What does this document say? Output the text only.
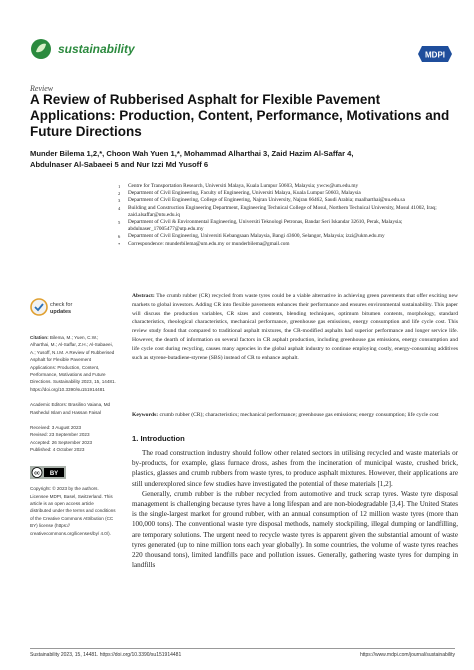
sustainability	MDPI
Review
A Review of Rubberised Asphalt for Flexible Pavement Applications: Production, Content, Performance, Motivations and Future Directions
Munder Bilema 1,2,*, Choon Wah Yuen 1,*, Mohammad Alharthai 3, Zaid Hazim Al-Saffar 4,
Abdulnaser Al-Sabaeei 5 and Nur Izzi Md Yusoff 6
1 Centre for Transportation Research, Universiti Malaya, Kuala Lumpur 50603, Malaysia; ywcw@um.edu.my
2 Department of Civil Engineering, Faculty of Engineering, Universiti Malaya, Kuala Lumpur 50603, Malaysia
3 Department of Civil Engineering, College of Engineering, Najran University, Najran 66462, Saudi Arabia; maalharthai@nu.edu.sa
4 Building and Construction Engineering Department, Engineering Technical College of Mosul, Northern Technical University, Mosul 41002, Iraq; zaid.alsaffar@ntu.edu.iq
5 Department of Civil & Environmental Engineering, Universiti Teknologi Petronas, Bandar Seri Iskandar 32610, Perak, Malaysia; abdulnaser_17005477@utp.edu.my
6 Department of Civil Engineering, Universiti Kebangsaan Malaysia, Bangi 43600, Selangor, Malaysia; izzi@ukm.edu.my
* Correspondence: munderbilema@um.edu.my or munderbilema@gmail.com
Abstract: The crumb rubber (CR) recycled from waste tyres could be a viable alternative in achieving green pavements that offer exciting new markets to global investors. Adding CR into flexible pavements enhances their performance and ensures environmental sustainability. This paper will discuss the production variables, CR sizes and contents, blending techniques, optimum bitumen contents, morphology, standard characteristics, rheological characteristics, mechanical performance, greenhouse gas emissions, energy consumption and life cycle cost. This review study found that compared to traditional asphalt mixtures, the CR-modified asphalts had superior performance and longer service life. However, the dearth of information on several factors in CR asphalt production, including greenhouse gas emissions, energy consumption and life cycle cost during recycling, causes many agencies in the global asphalt industry to continue employing costly, energy-consuming additives such as styrene-butadiene-styrene (SBS) instead of CR to enhance asphalt.
Keywords: crumb rubber (CR); characteristics; mechanical performance; greenhouse gas emissions; energy consumption; life cycle cost
check for
updates
Citation: Bilema, M.; Yuen, C.W.; Alharthai, M.; Al-Saffar, Z.H.; Al-Sabaeei, A.; Yusoff, N.I.M. A Review of Rubberised Asphalt for Flexible Pavement Applications: Production, Content, Performance, Motivations and Future Directions. Sustainability 2023, 15, 14481. https://doi.org/10.3390/su151914481
Academic Editors: Brasilino Vaiana, Md Rashedul Islam and Hassan Faisal
Received: 3 August 2023
Revised: 23 September 2023
Accepted: 26 September 2023
Published: 4 October 2023
cc BY
Copyright: © 2023 by the authors. Licensee MDPI, Basel, Switzerland. This article is an open access article distributed under the terms and conditions of the Creative Commons Attribution (CC BY) license (https:// creativecommons.org/licenses/by/ 4.0/).
1. Introduction

The road construction industry should follow other related sectors in utilising recycled and waste materials or by-products, for example, glass furnace dross, ashes from the incineration of municipal waste, crushed brick, plastics, glasses and crumb rubbers from waste tyres, to produce asphalt mixtures. However, their applications are still underexplored since few studies have investigated the potential of these materials [1,2].

Generally, crumb rubber is the rubber recycled from automotive and truck scrap tyres. Waste tyre disposal management is challenging because tyres have a long lifespan and are non-biodegradable [3,4]. The United States is the single-largest market for ground rubber, with an annual consumption of 12 million waste tyres (more than 100,000 tons). The conventional waste tyre disposal methods, namely stockpiling, illegal dumping or landfilling, are temporary solutions. The urgent need to recycle waste tyres is apparent given the substantial amount of waste tyres generated (up to nine million tons each year globally). In some countries, the volume of waste tyres reaches 220 thousand tons), limited landfills pace and pollution issues. Generally, gathering waste tyres for dumping in landfills

Sustainability 2023, 15, 14481. https://doi.org/10.3390/su151914481	https://www.mdpi.com/journal/sustainability
